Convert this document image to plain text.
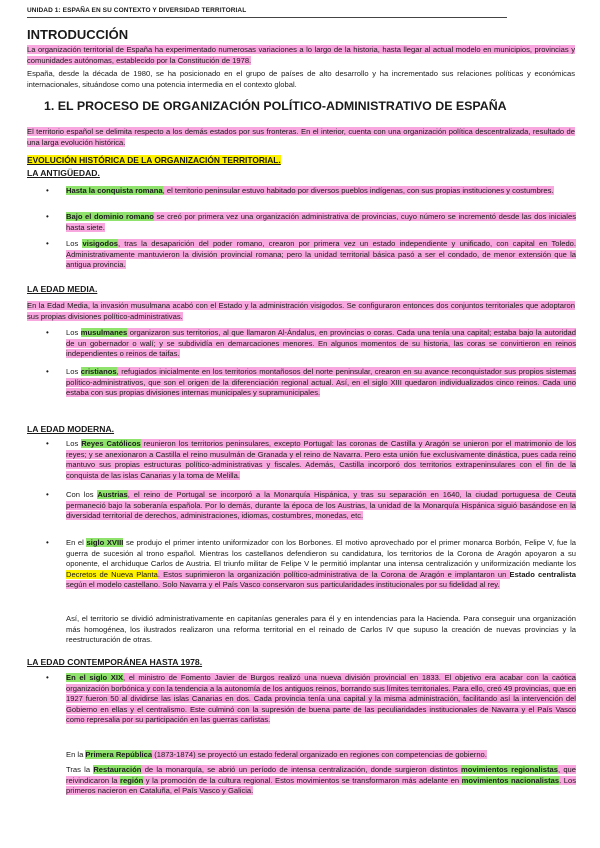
UNIDAD 1: ESPAÑA EN SU CONTEXTO Y DIVERSIDAD TERRITORIAL
INTRODUCCIÓN

La organización territorial de España ha experimentado numerosas variaciones a lo largo de la historia, hasta llegar al actual modelo en municipios, provincias y comunidades autónomas, establecido por la Constitución de 1978.

España, desde la década de 1980, se ha posicionado en el grupo de países de alto desarrollo y ha incrementado sus relaciones políticas y económicas internacionales, situándose como una potencia intermedia en el contexto global.

1. EL PROCESO DE ORGANIZACIÓN POLÍTICO-ADMINISTRATIVO DE ESPAÑA

El territorio español se delimita respecto a los demás estados por sus fronteras. En el interior, cuenta con una organización política descentralizada, resultado de una larga evolución histórica.

EVOLUCIÓN HISTÓRICA DE LA ORGANIZACIÓN TERRITORIAL.
LA ANTIGÜEDAD.
• Hasta la conquista romana, el territorio peninsular estuvo habitado por diversos pueblos indígenas, con sus propias instituciones y costumbres.

• Bajo el dominio romano se creó por primera vez una organización administrativa de provincias, cuyo número se incrementó desde las dos iniciales hasta siete.

• Los visigodos, tras la desaparición del poder romano, crearon por primera vez un estado independiente y unificado, con capital en Toledo. Administrativamente mantuvieron la división provincial romana; pero la unidad territorial básica pasó a ser el condado, de menor extensión que la antigua provincia.

LA EDAD MEDIA.

En la Edad Media, la invasión musulmana acabó con el Estado y la administración visigodos. Se configuraron entonces dos conjuntos territoriales que adoptaron sus propias divisiones político-administrativas.

• Los musulmanes organizaron sus territorios, al que llamaron Al-Ándalus, en provincias o coras. Cada una tenía una capital; estaba bajo la autoridad de un gobernador o walí; y se subdividía en demarcaciones menores. En algunos momentos de su historia, las coras se convirtieron en reinos independientes o reinos de taifas.

• Los cristianos, refugiados inicialmente en los territorios montañosos del norte peninsular, crearon en su avance reconquistador sus propios sistemas político-administrativos, que son el origen de la diferenciación regional actual. Así, en el siglo XIII quedaron individualizados cinco reinos. Cada uno estaba con sus propias divisiones internas municipales y supramunicipales.

LA EDAD MODERNA.
• Los Reyes Católicos reunieron los territorios peninsulares, excepto Portugal: las coronas de Castilla y Aragón se unieron por el matrimonio de los reyes; y se anexionaron a Castilla el reino musulmán de Granada y el reino de Navarra. Pero esta unión fue exclusivamente dinástica, pues cada reino mantuvo sus propias estructuras político-administrativas y fiscales. Además, Castilla incorporó dos territorios extrapeninsulares con el fin de la conquista de las islas Canarias y la toma de Melilla.

• Con los Austrias, el reino de Portugal se incorporó a la Monarquía Hispánica, y tras su separación en 1640, la ciudad portuguesa de Ceuta permaneció bajo la soberanía española. Por lo demás, durante la época de los Austrias, la unidad de la Monarquía Hispánica siguió basándose en la diversidad territorial de derechos, administraciones, idiomas, costumbres, monedas, etc.

• En el siglo XVIII se produjo el primer intento uniformizador con los Borbones. El motivo aprovechado por el primer monarca Borbón, Felipe V, fue la guerra de sucesión al trono español. Mientras los castellanos defendieron su candidatura, los territorios de la Corona de Aragón apoyaron a su oponente, el archiduque Carlos de Austria. El triunfo militar de Felipe V le permitió implantar una intensa centralización y uniformización mediante los Decretos de Nueva Planta. Estos suprimieron la organización político-administrativa de la Corona de Aragón e implantaron un Estado centralista según el modelo castellano. Solo Navarra y el País Vasco conservaron sus particularidades institucionales por su fidelidad al rey.

Así, el territorio se dividió administrativamente en capitanías generales para él y en intendencias para la Hacienda. Para conseguir una organización más homogénea, los ilustrados realizaron una reforma territorial en el reinado de Carlos IV que supuso la creación de nuevas provincias y la reestructuración de otras.

LA EDAD CONTEMPORÁNEA HASTA 1978.
• En el siglo XIX, el ministro de Fomento Javier de Burgos realizó una nueva división provincial en 1833. El objetivo era acabar con la caótica organización borbónica y con la tendencia a la autonomía de los antiguos reinos, borrando sus límites territoriales. Para ello, creó 49 provincias, que en 1927 fueron 50 al dividirse las islas Canarias en dos. Cada provincia tenía una capital y la misma administración, facilitando así la intervención del Gobierno en ellas y el centralismo. Este culminó con la supresión de buena parte de las peculiaridades institucionales de Navarra y el País Vasco como represalia por su participación en las guerras carlistas.

En la Primera República (1873-1874) se proyectó un estado federal organizado en regiones con competencias de gobierno.

Tras la Restauración de la monarquía, se abrió un período de intensa centralización, donde surgieron distintos movimientos regionalistas, que reivindicaron la región y la promoción de la cultura regional. Estos movimientos se transformaron más adelante en movimientos nacionalistas. Los primeros nacieron en Cataluña, el País Vasco y Galicia.
